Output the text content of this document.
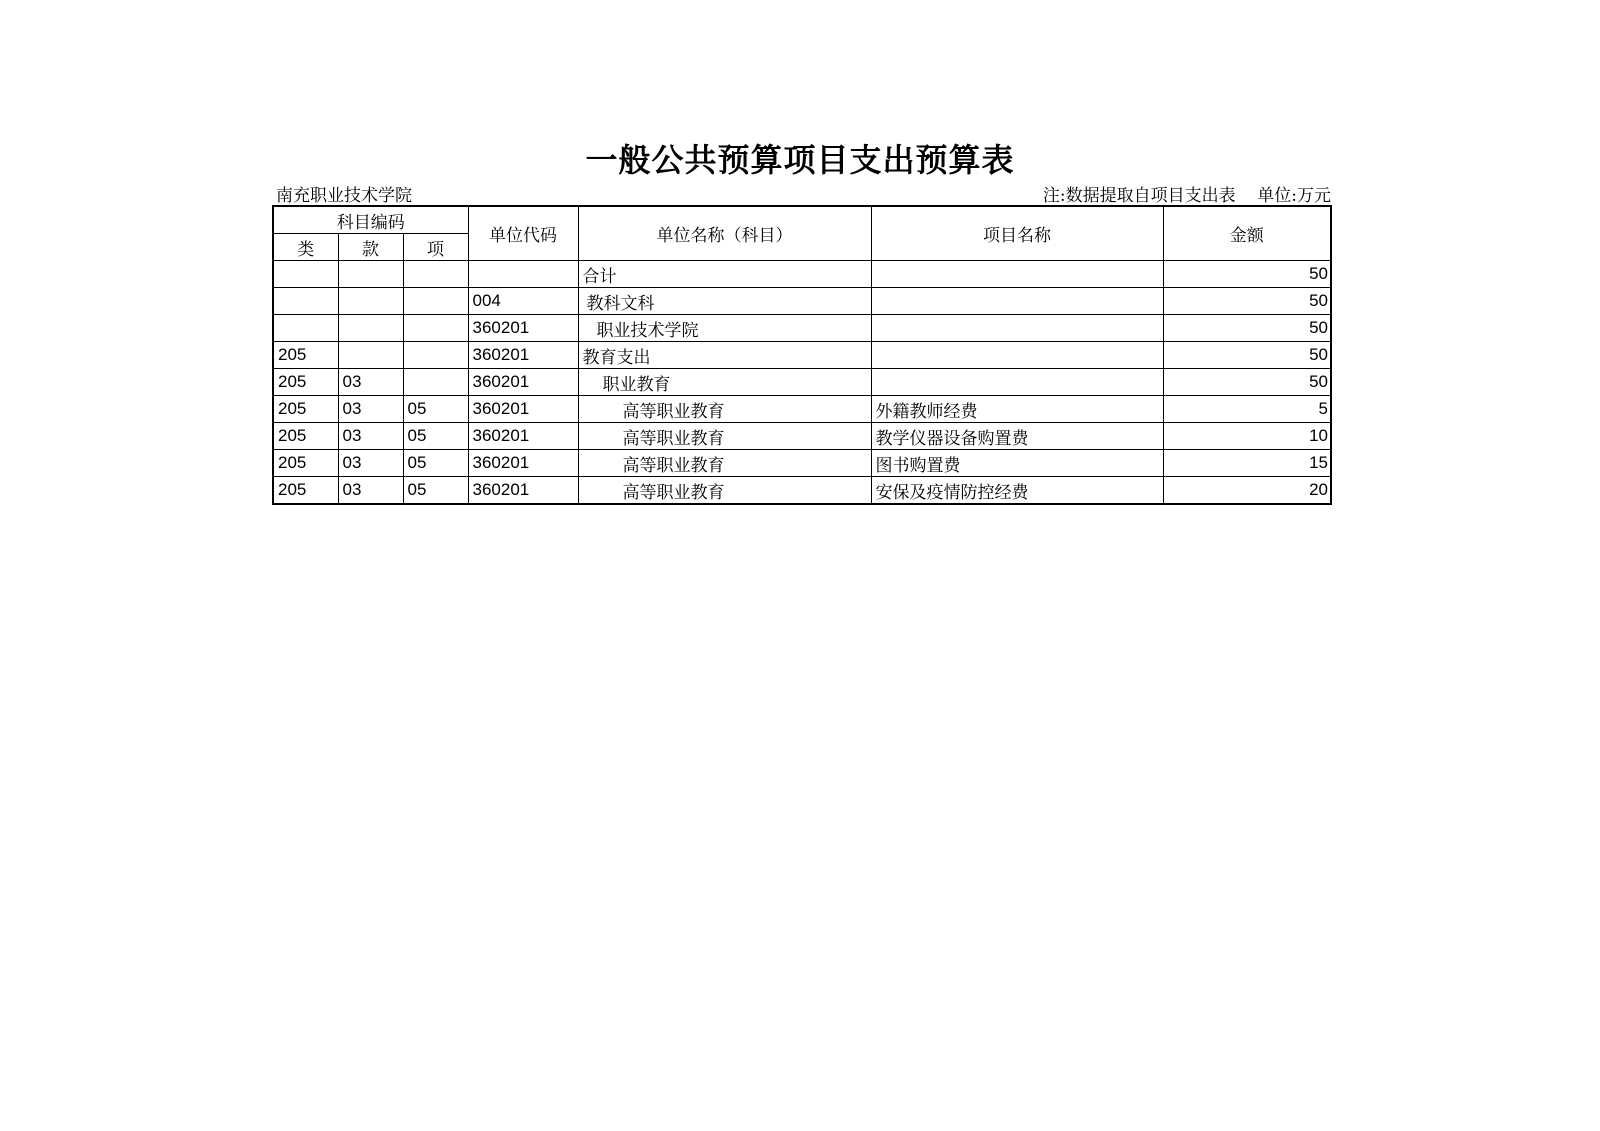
一般公共预算项目支出预算表
南充职业技术学院	注:数据提取自项目支出表    单位:万元
科目编码			单位代码	单位名称（科目）	项目名称	金额
类	款	项				
				合计		50
			004	教科文科		50
			360201	职业技术学院		50
205			360201	教育支出		50
205	03		360201	职业教育		50
205	03	05	360201	高等职业教育	外籍教师经费	5
205	03	05	360201	高等职业教育	教学仪器设备购置费	10
205	03	05	360201	高等职业教育	图书购置费	15
205	03	05	360201	高等职业教育	安保及疫情防控经费	20
